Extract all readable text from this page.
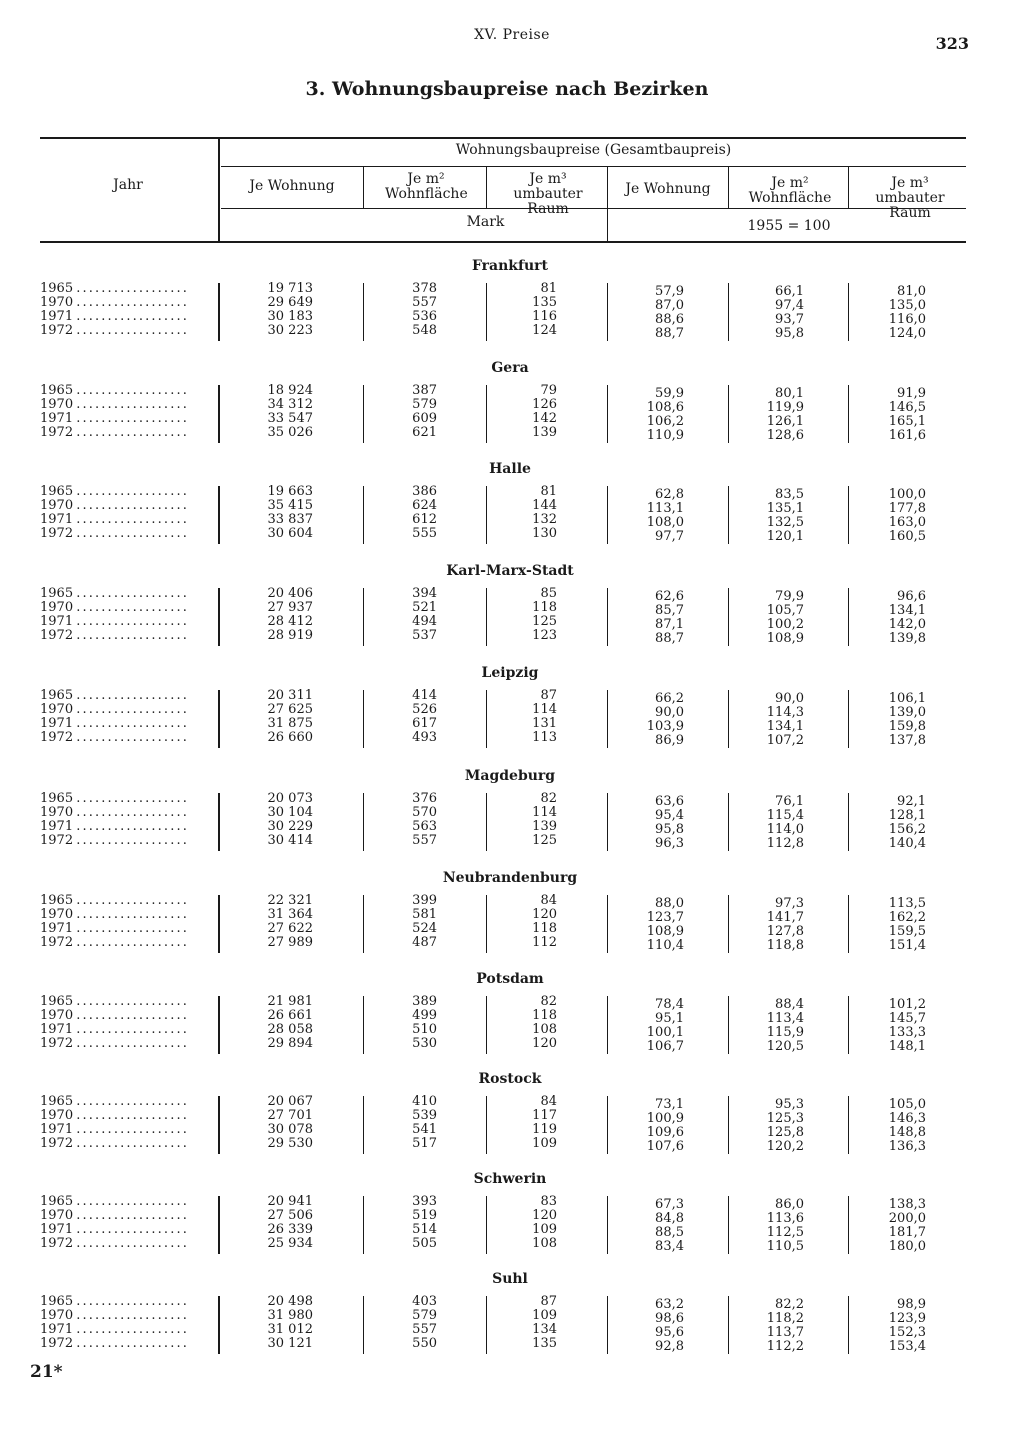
XV. Preise	323
3. Wohnungsbaupreise nach Bezirken
Jahr
Wohnungsbaupreise (Gesamtbaupreis)
Je Wohnung	Je m² Wohnfläche
Je m³ umbauter Raum
Je Wohnung	Je m² Wohnfläche
Je m³ umbauter Raum
Mark	1955 = 100
Frankfurt
1965 . . . . . . . . . . . . . . . . . .	19 713	378	81	57,9	66,1	81,0
1970 . . . . . . . . . . . . . . . . . .	29 649	557	135	87,0	97,4	135,0
1971 . . . . . . . . . . . . . . . . . .	30 183	536	116	88,6	93,7	116,0
1972 . . . . . . . . . . . . . . . . . .	30 223	548	124	88,7	95,8	124,0
Gera
1965 . . . . . . . . . . . . . . . . . .	18 924	387	79	59,9	80,1	91,9
1970 . . . . . . . . . . . . . . . . . .	34 312	579	126	108,6	119,9	146,5
1971 . . . . . . . . . . . . . . . . . .	33 547	609	142	106,2	126,1	165,1
1972 . . . . . . . . . . . . . . . . . .	35 026	621	139	110,9	128,6	161,6
Halle
1965 . . . . . . . . . . . . . . . . . .	19 663	386	81	62,8	83,5	100,0
1970 . . . . . . . . . . . . . . . . . .	35 415	624	144	113,1	135,1	177,8
1971 . . . . . . . . . . . . . . . . . .	33 837	612	132	108,0	132,5	163,0
1972 . . . . . . . . . . . . . . . . . .	30 604	555	130	97,7	120,1	160,5
Karl-Marx-Stadt
1965 . . . . . . . . . . . . . . . . . .	20 406	394	85	62,6	79,9	96,6
1970 . . . . . . . . . . . . . . . . . .	27 937	521	118	85,7	105,7	134,1
1971 . . . . . . . . . . . . . . . . . .	28 412	494	125	87,1	100,2	142,0
1972 . . . . . . . . . . . . . . . . . .	28 919	537	123	88,7	108,9	139,8
Leipzig
1965 . . . . . . . . . . . . . . . . . .	20 311	414	87	66,2	90,0	106,1
1970 . . . . . . . . . . . . . . . . . .	27 625	526	114	90,0	114,3	139,0
1971 . . . . . . . . . . . . . . . . . .	31 875	617	131	103,9	134,1	159,8
1972 . . . . . . . . . . . . . . . . . .	26 660	493	113	86,9	107,2	137,8
Magdeburg
1965 . . . . . . . . . . . . . . . . . .	20 073	376	82	63,6	76,1	92,1
1970 . . . . . . . . . . . . . . . . . .	30 104	570	114	95,4	115,4	128,1
1971 . . . . . . . . . . . . . . . . . .	30 229	563	139	95,8	114,0	156,2
1972 . . . . . . . . . . . . . . . . . .	30 414	557	125	96,3	112,8	140,4
Neubrandenburg
1965 . . . . . . . . . . . . . . . . . .	22 321	399	84	88,0	97,3	113,5
1970 . . . . . . . . . . . . . . . . . .	31 364	581	120	123,7	141,7	162,2
1971 . . . . . . . . . . . . . . . . . .	27 622	524	118	108,9	127,8	159,5
1972 . . . . . . . . . . . . . . . . . .	27 989	487	112	110,4	118,8	151,4
Potsdam
1965 . . . . . . . . . . . . . . . . . .	21 981	389	82	78,4	88,4	101,2
1970 . . . . . . . . . . . . . . . . . .	26 661	499	118	95,1	113,4	145,7
1971 . . . . . . . . . . . . . . . . . .	28 058	510	108	100,1	115,9	133,3
1972 . . . . . . . . . . . . . . . . . .	29 894	530	120	106,7	120,5	148,1
Rostock
1965 . . . . . . . . . . . . . . . . . .	20 067	410	84	73,1	95,3	105,0
1970 . . . . . . . . . . . . . . . . . .	27 701	539	117	100,9	125,3	146,3
1971 . . . . . . . . . . . . . . . . . .	30 078	541	119	109,6	125,8	148,8
1972 . . . . . . . . . . . . . . . . . .	29 530	517	109	107,6	120,2	136,3
Schwerin
1965 . . . . . . . . . . . . . . . . . .	20 941	393	83	67,3	86,0	138,3
1970 . . . . . . . . . . . . . . . . . .	27 506	519	120	84,8	113,6	200,0
1971 . . . . . . . . . . . . . . . . . .	26 339	514	109	88,5	112,5	181,7
1972 . . . . . . . . . . . . . . . . . .	25 934	505	108	83,4	110,5	180,0
Suhl
1965 . . . . . . . . . . . . . . . . . .	20 498	403	87	63,2	82,2	98,9
1970 . . . . . . . . . . . . . . . . . .	31 980	579	109	98,6	118,2	123,9
1971 . . . . . . . . . . . . . . . . . .	31 012	557	134	95,6	113,7	152,3
1972 . . . . . . . . . . . . . . . . . .	30 121	550	135	92,8	112,2	153,4
21*
